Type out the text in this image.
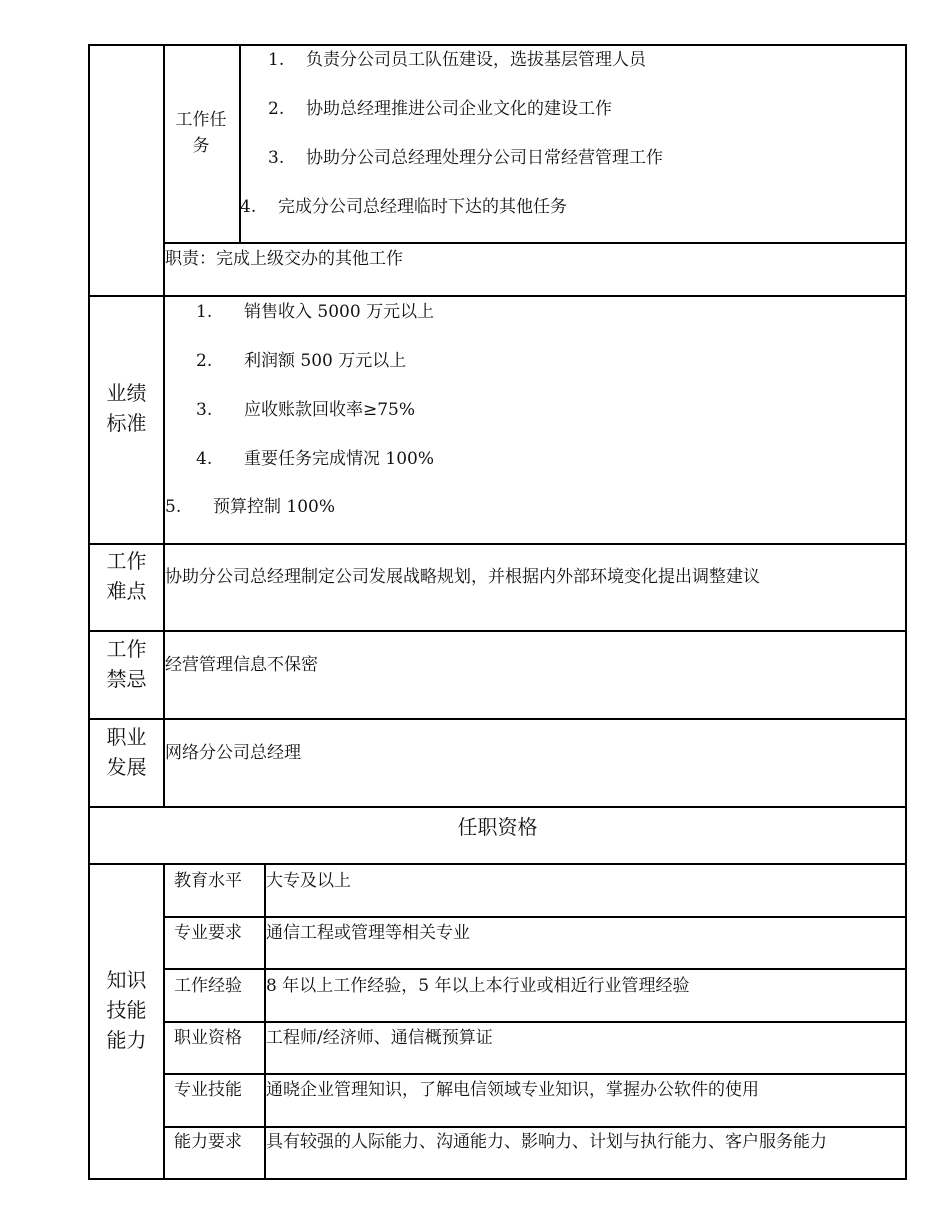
工作任
务
1. 负责分公司员工队伍建设，选拔基层管理人员
2. 协助总经理推进公司企业文化的建设工作
3. 协助分公司总经理处理分公司日常经营管理工作
4. 完成分公司总经理临时下达的其他任务
职责：完成上级交办的其他工作
业绩
标准
1. 销售收入 5000 万元以上
2. 利润额 500 万元以上
3. 应收账款回收率≥75%
4. 重要任务完成情况 100%
5. 预算控制 100%
工作
难点
协助分公司总经理制定公司发展战略规划，并根据内外部环境变化提出调整建议
工作
禁忌
经营管理信息不保密
职业
发展
网络分公司总经理
任职资格
知识
技能
能力
教育水平 大专及以上
专业要求 通信工程或管理等相关专业
工作经验 8 年以上工作经验，5 年以上本行业或相近行业管理经验
职业资格 工程师/经济师、通信概预算证
专业技能 通晓企业管理知识，了解电信领域专业知识，掌握办公软件的使用
能力要求 具有较强的人际能力、沟通能力、影响力、计划与执行能力、客户服务能力
